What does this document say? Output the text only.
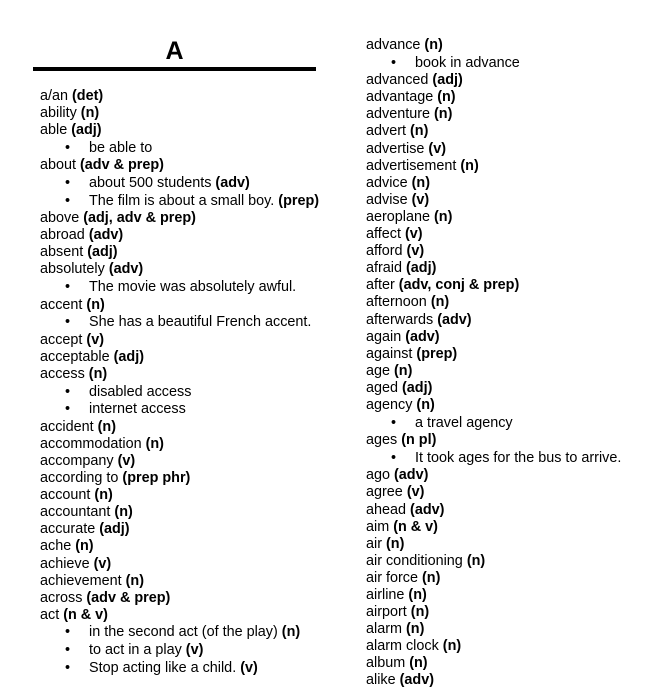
A
a/an (det)
ability (n)
able (adj)
• be able to
about (adv & prep)
• about 500 students (adv)
• The film is about a small boy. (prep)
above (adj, adv & prep)
abroad (adv)
absent (adj)
absolutely (adv)
• The movie was absolutely awful.
accent (n)
• She has a beautiful French accent.
accept (v)
acceptable (adj)
access (n)
• disabled access
• internet access
accident (n)
accommodation (n)
accompany (v)
according to (prep phr)
account (n)
accountant (n)
accurate (adj)
ache (n)
achieve (v)
achievement (n)
across (adv & prep)
act (n & v)
• in the second act (of the play) (n)
• to act in a play (v)
• Stop acting like a child. (v)
advance (n)
• book in advance
advanced (adj)
advantage (n)
adventure (n)
advert (n)
advertise (v)
advertisement (n)
advice (n)
advise (v)
aeroplane (n)
affect (v)
afford (v)
afraid (adj)
after (adv, conj & prep)
afternoon (n)
afterwards (adv)
again (adv)
against (prep)
age (n)
aged (adj)
agency (n)
• a travel agency
ages (n pl)
• It took ages for the bus to arrive.
ago (adv)
agree (v)
ahead (adv)
aim (n & v)
air (n)
air conditioning (n)
air force (n)
airline (n)
airport (n)
alarm (n)
alarm clock (n)
album (n)
alike (adv)
